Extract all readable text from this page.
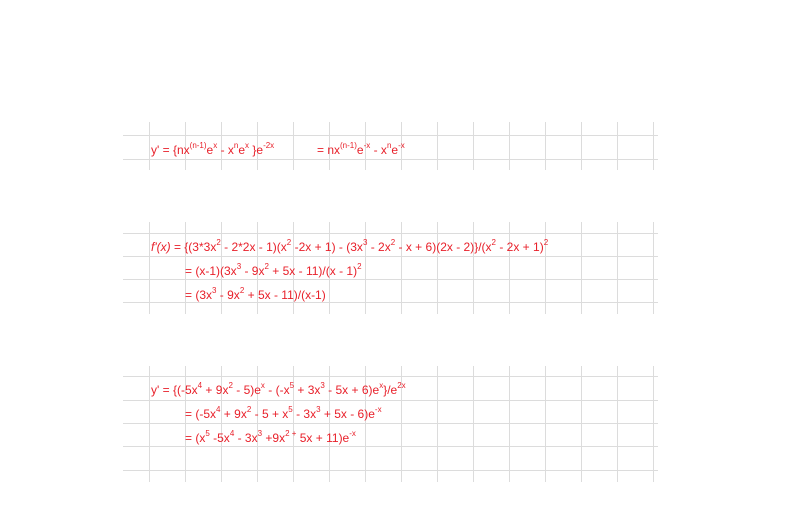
$y' = \{nx^{(n-1)}e^x - x^ne^x$ }$e^{-2x}$	= $nx^{(n-1)}e^{-x} - x^ne^{-x}$
$f'(x) = \{(3*3x^2 - 2*2x - 1)(x^2$ $-2x + 1) - (3x^3 - 2x^2 - x + 6)(2x - 2)\}/(x^2 - 2x + 1)^2$
= $(x-1)(3x^3 - 9x^2 + 5x - 11)/(x - 1)^2$
= $(3x^3 - 9x^2 + 5x - 11)/(x-1)$
$y' = \{(-5x^4 + 9x^2 - 5)e^x - (-x^5 + 3x^3 - 5x + 6)e^x\}/e^{2x}$
= $(-5x^4 + 9x^2 - 5 + x^5 - 3x^3 + 5x - 6)e^{-x}$
= ($x^5$ $-5x^4 - 3x^3 +9x^{2 +}$ $5x + 11)e^{-x}$
